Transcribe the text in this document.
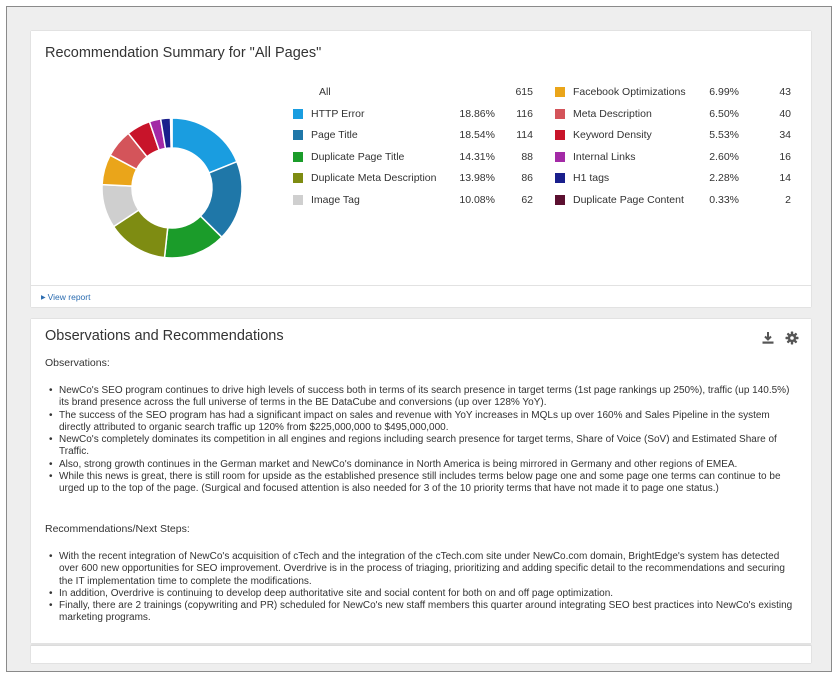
Recommendation Summary for "All Pages"
All	615
HTTP Error	18.86%	116
Page Title	18.54%	114
Duplicate Page Title	14.31%	88
Duplicate Meta Description	13.98%	86
Image Tag	10.08%	62
Facebook Optimizations	6.99%	43
Meta Description	6.50%	40
Keyword Density	5.53%	34
Internal Links	2.60%	16
H1 tags	2.28%	14
Duplicate Page Content	0.33%	2
▶ View report
Observations and Recommendations

Observations:
• NewCo's SEO program continues to drive high levels of success both in terms of its search presence in target terms (1st page rankings up 250%), traffic (up 140.5%) its brand presence across the full universe of terms in the BE DataCube and conversions (up over 128% YoY).
• The success of the SEO program has had a significant impact on sales and revenue with YoY increases in MQLs up over 160% and Sales Pipeline in the system directly attributed to organic search traffic up 120% from $225,000,000 to $495,000,000.
• NewCo's completely dominates its competition in all engines and regions including search presence for target terms, Share of Voice (SoV) and Estimated Share of Traffic.
• Also, strong growth continues in the German market and NewCo's dominance in North America is being mirrored in Germany and other regions of EMEA.
• While this news is great, there is still room for upside as the established presence still includes terms below page one and some page one terms can continue to be urged up to the top of the page. (Surgical and focused attention is also needed for 3 of the 10 priority terms that have not made it to page one status.)
Recommendations/Next Steps:
• With the recent integration of NewCo's acquisition of cTech and the integration of the cTech.com site under NewCo.com domain, BrightEdge's system has detected over 600 new opportunities for SEO improvement. Overdrive is in the process of triaging, prioritizing and adding specific detail to the recommendations and securing the IT implementation time to complete the modifications.
• In addition, Overdrive is continuing to develop deep authoritative site and social content for both on and off page optimization.
• Finally, there are 2 trainings (copywriting and PR) scheduled for NewCo's new staff members this quarter around integrating SEO best practices into NewCo's existing marketing programs.
